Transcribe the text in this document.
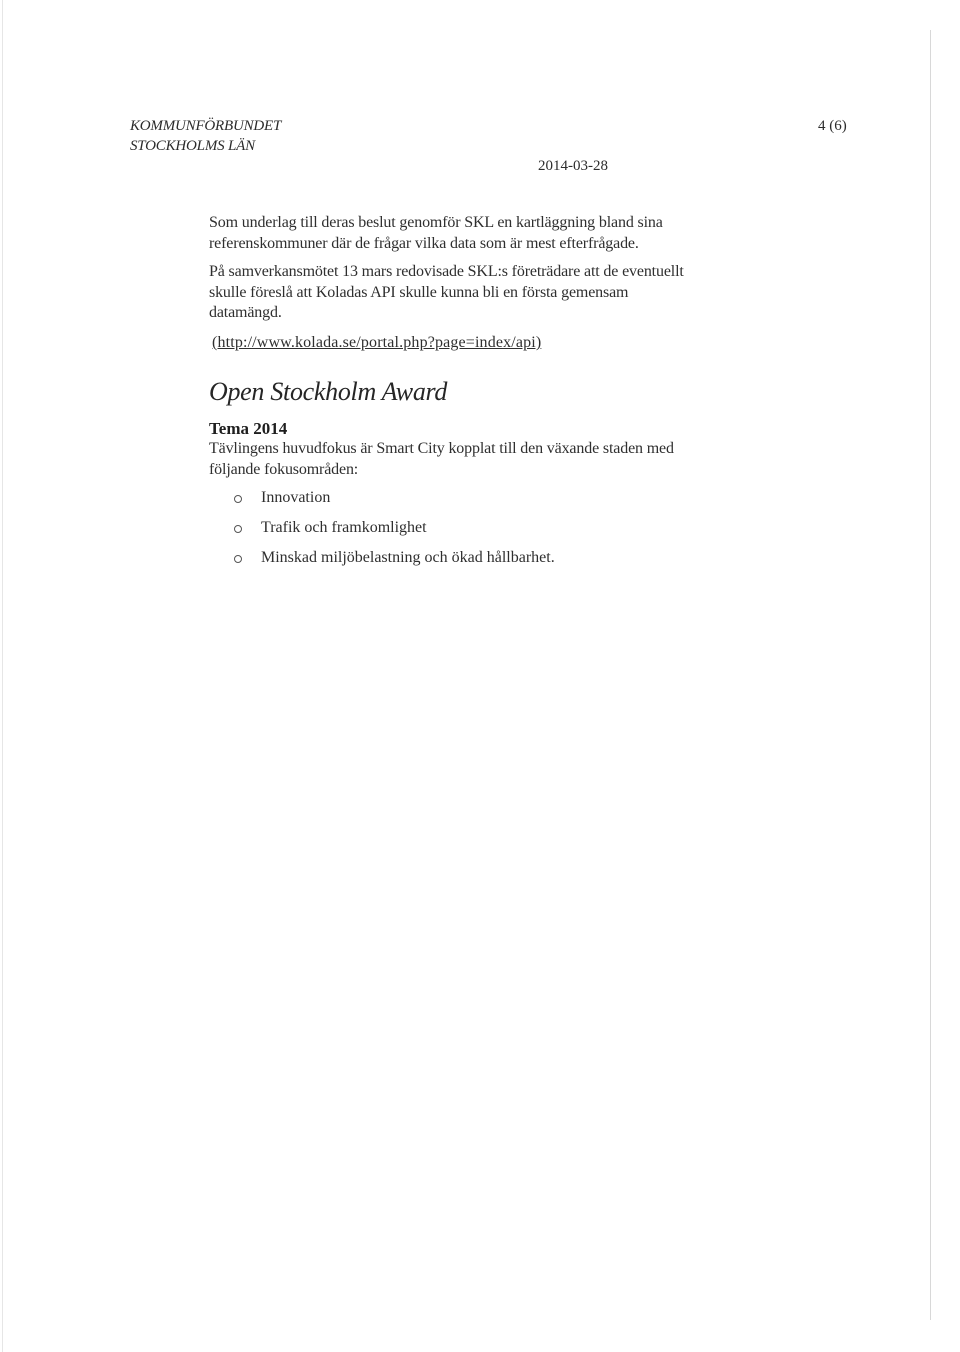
KOMMUNFÖRBUNDET
STOCKHOLMS LÄN
4 (6)
2014-03-28
Som underlag till deras beslut genomför SKL en kartläggning bland sina
referenskommuner där de frågar vilka data som är mest efterfrågade.
På samverkansmötet 13 mars redovisade SKL:s företrädare att de eventuellt
skulle föreslå att Koladas API skulle kunna bli en första gemensam
datamängd.
(http://www.kolada.se/portal.php?page=index/api)
Open Stockholm Award
Tema 2014
Tävlingens huvudfokus är Smart City kopplat till den växande staden med
följande fokusområden:
Innovation
Trafik och framkomlighet
Minskad miljöbelastning och ökad hållbarhet.
